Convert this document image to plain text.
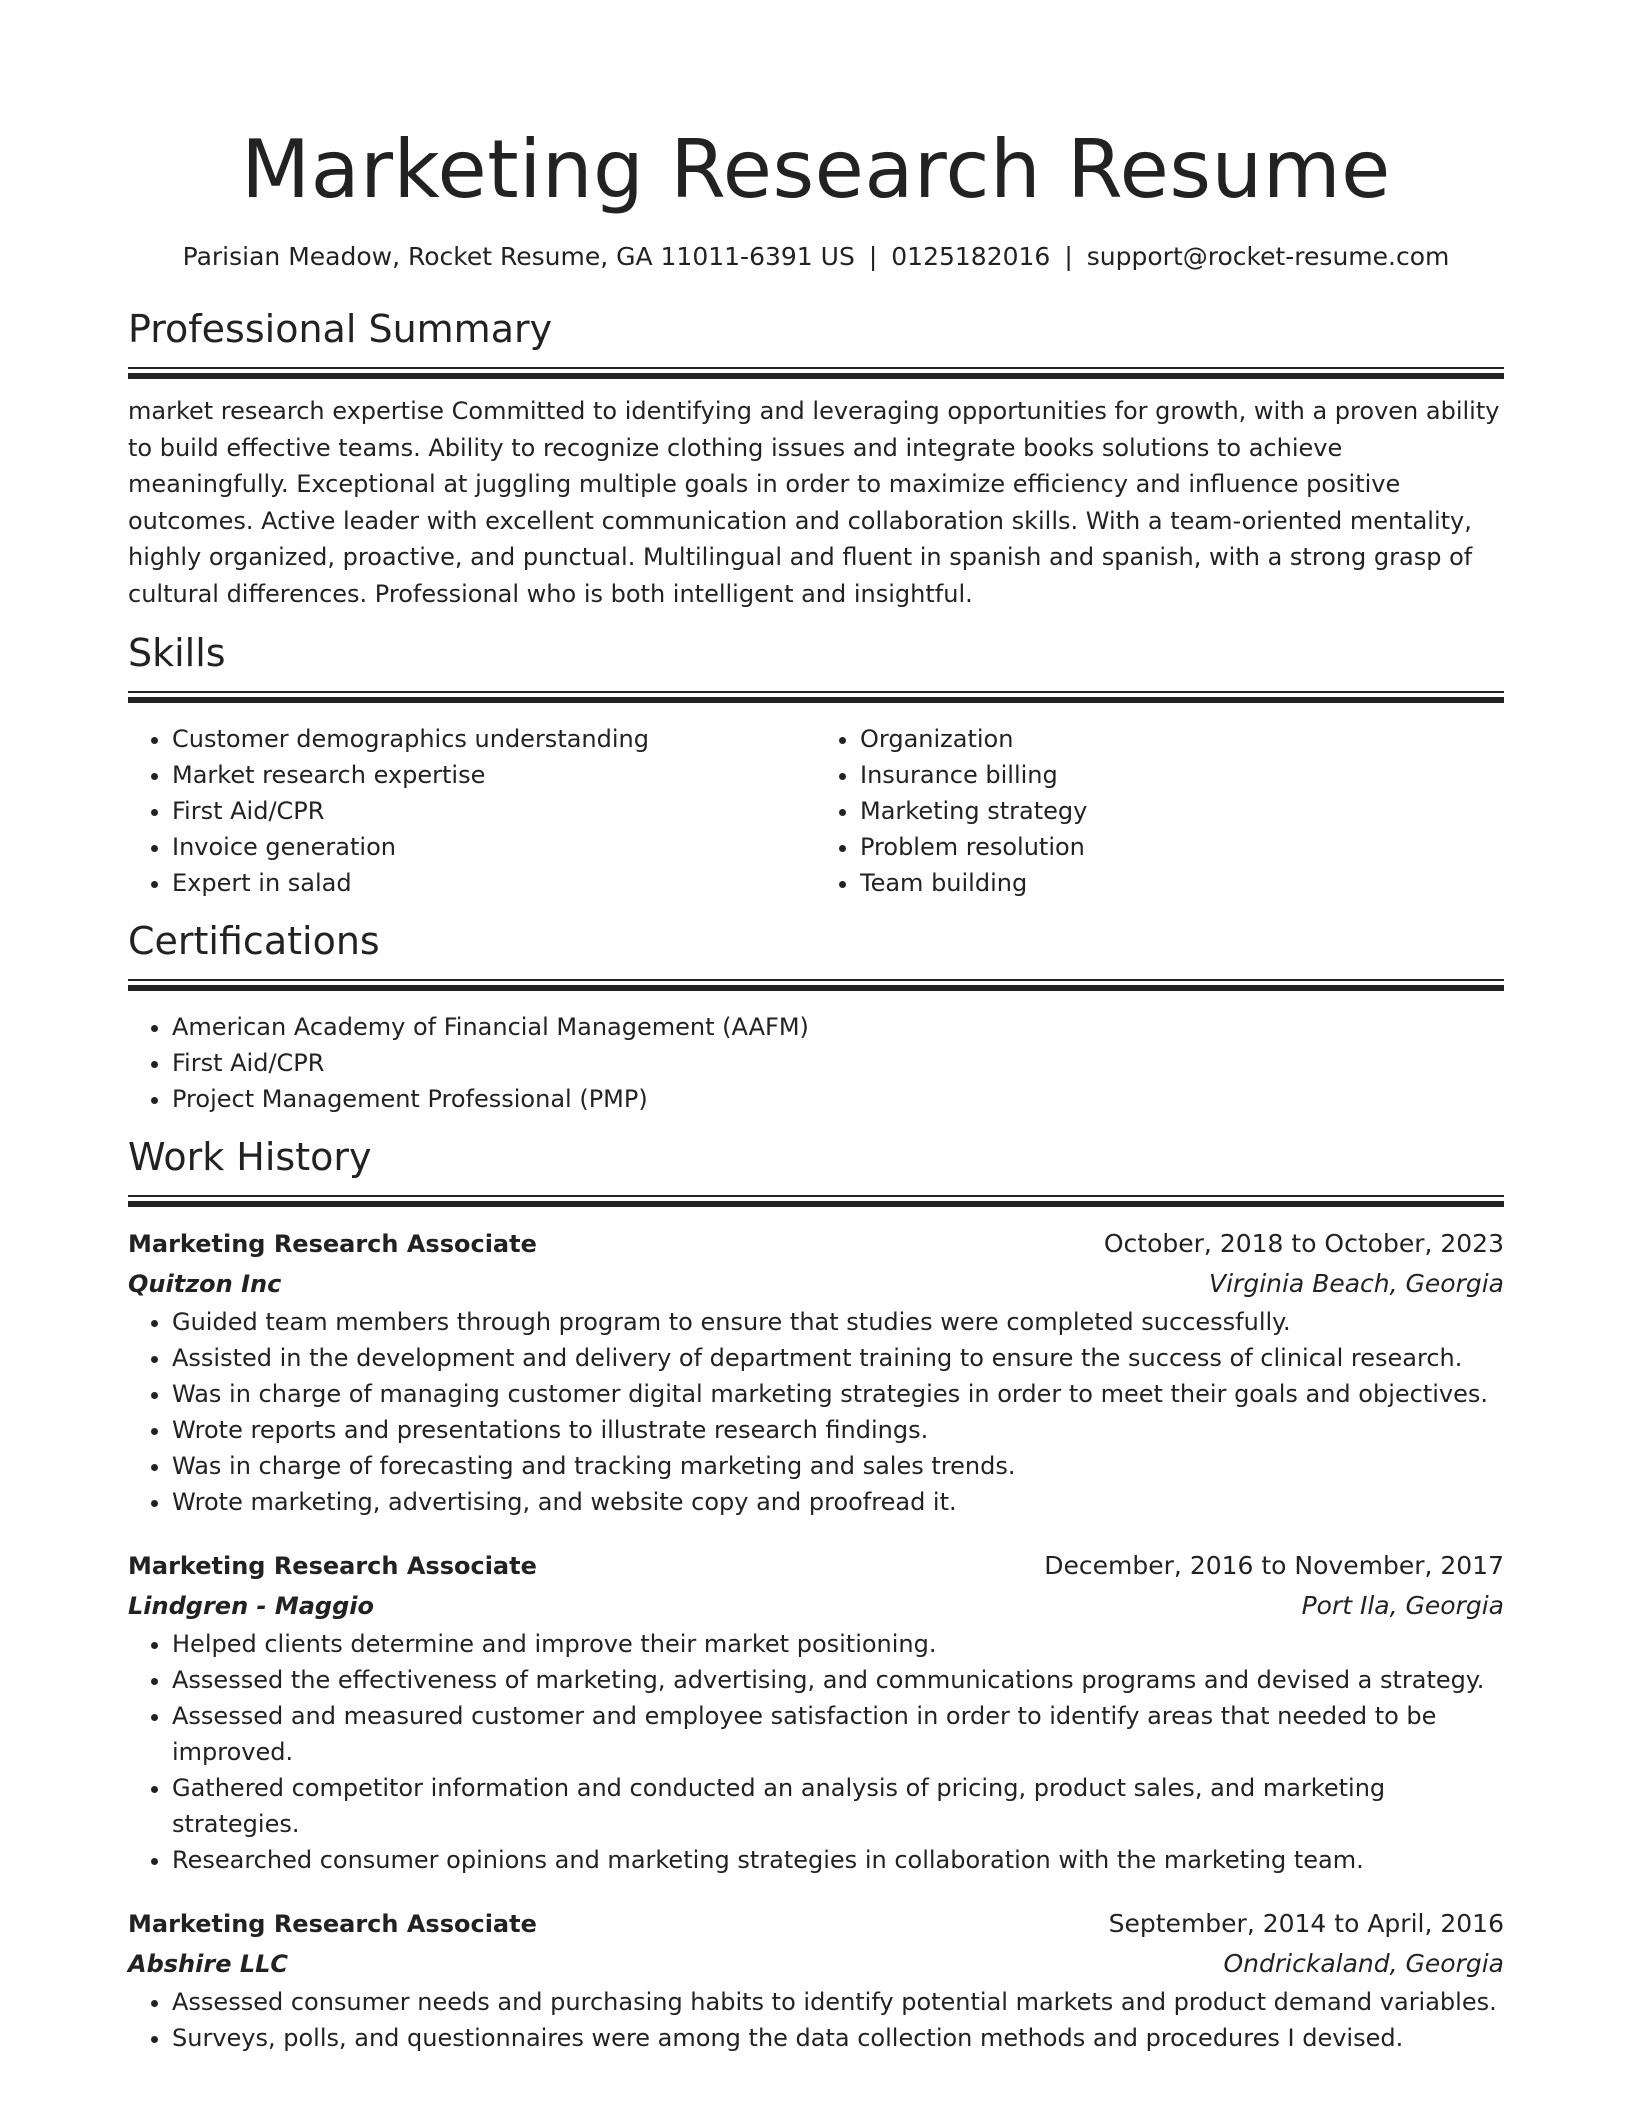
Marketing Research Resume
Parisian Meadow, Rocket Resume, GA 11011-6391 US | 0125182016 | support@rocket-resume.com
Professional Summary

market research expertise Committed to identifying and leveraging opportunities for growth, with a proven ability to build effective teams. Ability to recognize clothing issues and integrate books solutions to achieve meaningfully. Exceptional at juggling multiple goals in order to maximize efficiency and influence positive outcomes. Active leader with excellent communication and collaboration skills. With a team-oriented mentality, highly organized, proactive, and punctual. Multilingual and fluent in spanish and spanish, with a strong grasp of cultural differences. Professional who is both intelligent and insightful.

Skills
• Customer demographics understanding
• Market research expertise
• First Aid/CPR
• Invoice generation
• Expert in salad
• Organization
• Insurance billing
• Marketing strategy
• Problem resolution
• Team building
Certifications
• American Academy of Financial Management (AAFM)
• First Aid/CPR
• Project Management Professional (PMP)
Work History
Marketing Research Associate	October, 2018 to October, 2023
Quitzon Inc	Virginia Beach, Georgia
• Guided team members through program to ensure that studies were completed successfully.
• Assisted in the development and delivery of department training to ensure the success of clinical research.
• Was in charge of managing customer digital marketing strategies in order to meet their goals and objectives.
• Wrote reports and presentations to illustrate research findings.
• Was in charge of forecasting and tracking marketing and sales trends.
• Wrote marketing, advertising, and website copy and proofread it.
Marketing Research Associate	December, 2016 to November, 2017
Lindgren - Maggio	Port Ila, Georgia
• Helped clients determine and improve their market positioning.
• Assessed the effectiveness of marketing, advertising, and communications programs and devised a strategy.
• Assessed and measured customer and employee satisfaction in order to identify areas that needed to be improved.
• Gathered competitor information and conducted an analysis of pricing, product sales, and marketing strategies.
• Researched consumer opinions and marketing strategies in collaboration with the marketing team.
Marketing Research Associate	September, 2014 to April, 2016
Abshire LLC	Ondrickaland, Georgia
• Assessed consumer needs and purchasing habits to identify potential markets and product demand variables.
• Surveys, polls, and questionnaires were among the data collection methods and procedures I devised.
